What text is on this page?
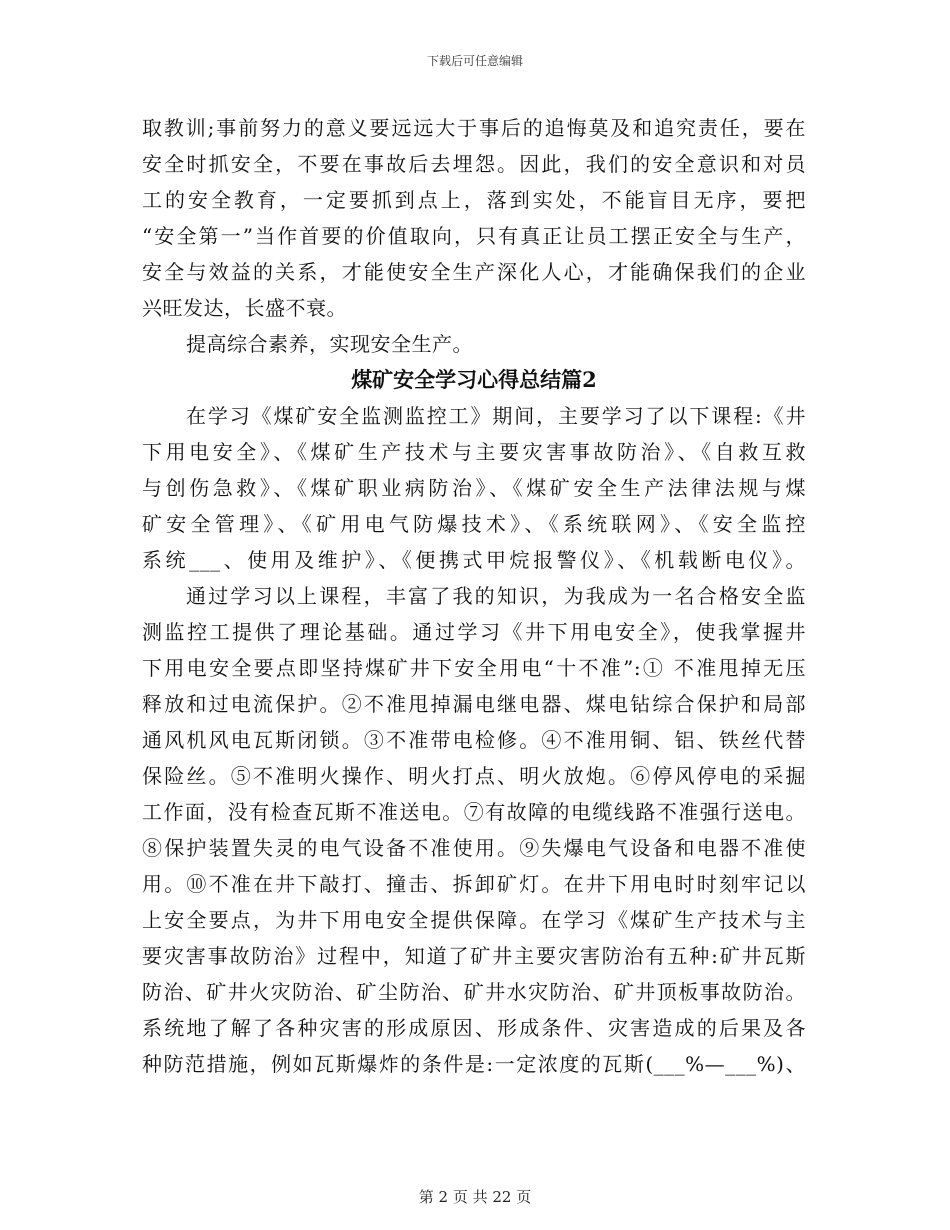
下载后可任意编辑
取教训;事前努力的意义要远远大于事后的追悔莫及和追究责任，要在
安全时抓安全，不要在事故后去埋怨。因此，我们的安全意识和对员
工的安全教育，一定要抓到点上，落到实处，不能盲目无序，要把
“安全第一”当作首要的价值取向，只有真正让员工摆正安全与生产，
安全与效益的关系，才能使安全生产深化人心，才能确保我们的企业
兴旺发达，长盛不衰。
提高综合素养，实现安全生产。
煤矿安全学习心得总结篇2
在学习《煤矿安全监测监控工》期间，主要学习了以下课程:《井
下用电安全》、《煤矿生产技术与主要灾害事故防治》、《自救互救
与创伤急救》、《煤矿职业病防治》、《煤矿安全生产法律法规与煤
矿安全管理》、《矿用电气防爆技术》、《系统联网》、《安全监控
系统___、使用及维护》、《便携式甲烷报警仪》、《机载断电仪》。
通过学习以上课程，丰富了我的知识，为我成为一名合格安全监
测监控工提供了理论基础。通过学习《井下用电安全》，使我掌握井
下用电安全要点即坚持煤矿井下安全用电“十不准”:① 不准甩掉无压
释放和过电流保护。②不准甩掉漏电继电器、煤电钻综合保护和局部
通风机风电瓦斯闭锁。③不准带电检修。④不准用铜、铝、铁丝代替
保险丝。⑤不准明火操作、明火打点、明火放炮。⑥停风停电的采掘
工作面，没有检查瓦斯不准送电。⑦有故障的电缆线路不准强行送电。
⑧保护装置失灵的电气设备不准使用。⑨失爆电气设备和电器不准使
用。⑩不准在井下敲打、撞击、拆卸矿灯。在井下用电时时刻牢记以
上安全要点，为井下用电安全提供保障。在学习《煤矿生产技术与主
要灾害事故防治》过程中，知道了矿井主要灾害防治有五种:矿井瓦斯
防治、矿井火灾防治、矿尘防治、矿井水灾防治、矿井顶板事故防治。
系统地了解了各种灾害的形成原因、形成条件、灾害造成的后果及各
种防范措施，例如瓦斯爆炸的条件是:一定浓度的瓦斯(___%—___%)、
第 2 页 共 22 页
